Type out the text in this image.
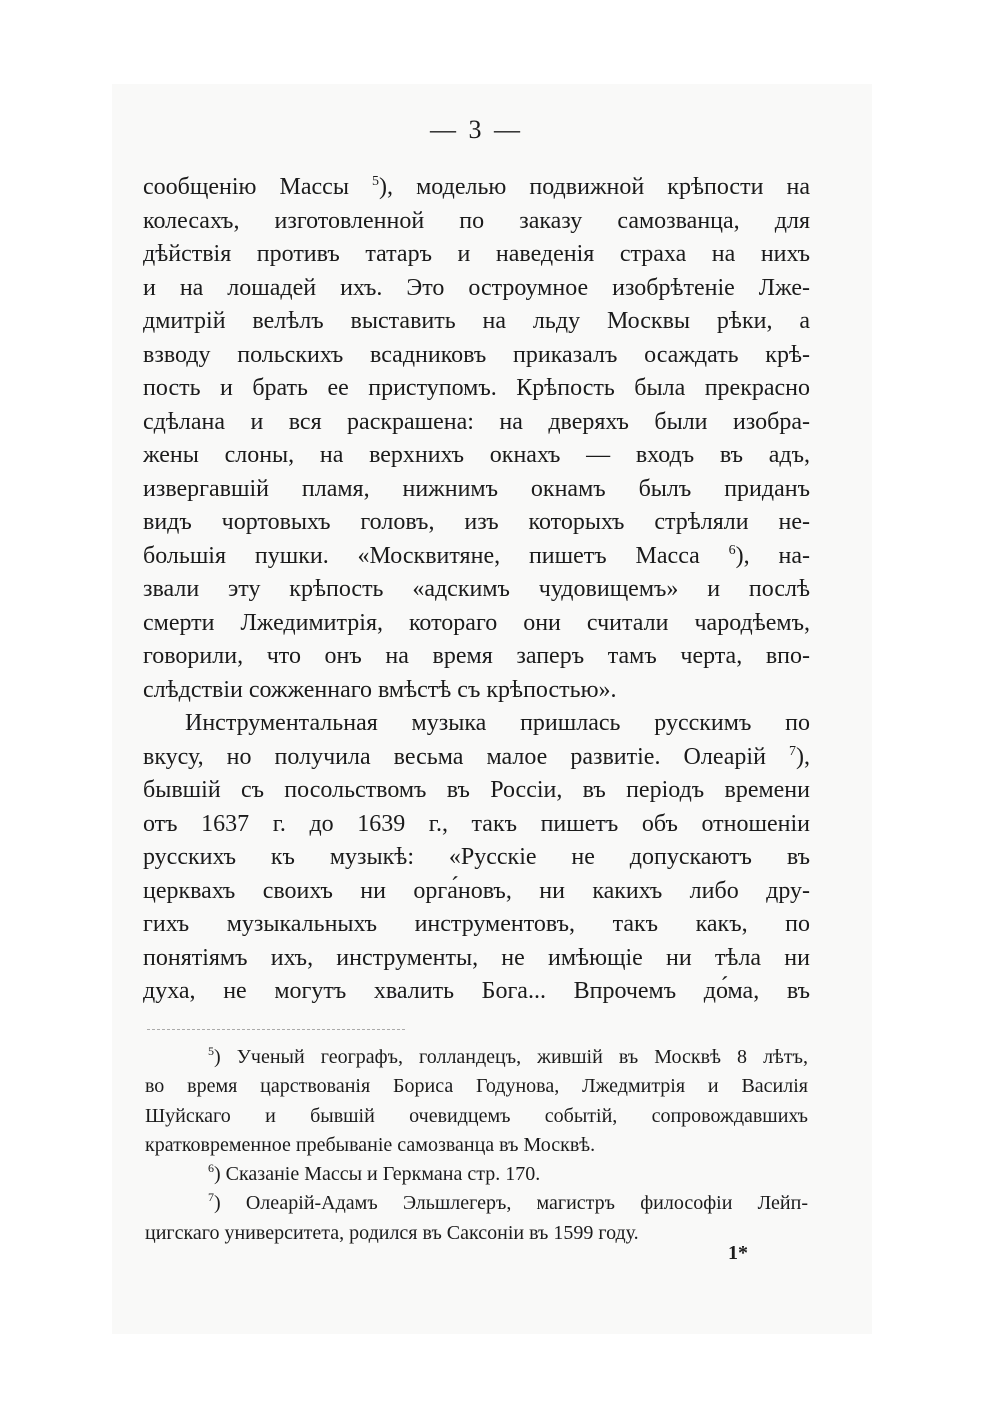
— 3 —
сообщенію Массы $^5$), моделью подвижной крѣпости на
колесахъ, изготовленной по заказу самозванца, для
дѣйствія противъ татаръ и наведенія страха на нихъ
и на лошадей ихъ. Это остроумное изобрѣтеніе Лже-
дмитрій велѣлъ выставить на льду Москвы рѣки, а
взводу польскихъ всадниковъ приказалъ осаждать крѣ-
пость и брать ее приступомъ. Крѣпость была прекрасно
сдѣлана и вся раскрашена: на дверяхъ были изобра-
жены слоны, на верхнихъ окнахъ — входъ въ адъ,
извергавшій пламя, нижнимъ окнамъ былъ приданъ
видъ чортовыхъ головъ, изъ которыхъ стрѣляли не-
большія пушки. «Москвитяне, пишетъ Масса $^6$), на-
звали эту крѣпость «адскимъ чудовищемъ» и послѣ
смерти Лжедимитрія, котораго они считали чародѣемъ,
говорили, что онъ на время заперъ тамъ черта, впо-
слѣдствіи сожженнаго вмѣстѣ съ крѣпостью».
Инструментальная музыка пришлась русскимъ по
вкусу, но получила весьма малое развитіе. Олеарій $^7$),
бывшій съ посольствомъ въ Россіи, въ періодъ времени
отъ 1637 г. до 1639 г., такъ пишетъ объ отношеніи
русскихъ къ музыкѣ: «Русскіе не допускаютъ въ
церквахъ своихъ ни орга́новъ, ни какихъ либо дру-
гихъ музыкальныхъ инструментовъ, такъ какъ, по
понятіямъ ихъ, инструменты, не имѣющіе ни тѣла ни
духа, не могутъ хвалить Бога... Впрочемъ до́ма, въ
$^5$) Ученый географъ, голландецъ, жившій въ Москвѣ 8 лѣтъ,
во время царствованія Бориса Годунова, Лжедмитрія и Василія
Шуйскаго и бывшій очевидцемъ событій, сопровождавшихъ
кратковременное пребываніе самозванца въ Москвѣ.
$^6$) Сказаніе Массы и Геркмана стр. 170.
$^7$) Олеарій-Адамъ Эльшлегеръ, магистръ философіи Лейп-
цигскаго университета, родился въ Саксоніи въ 1599 году.
1*
